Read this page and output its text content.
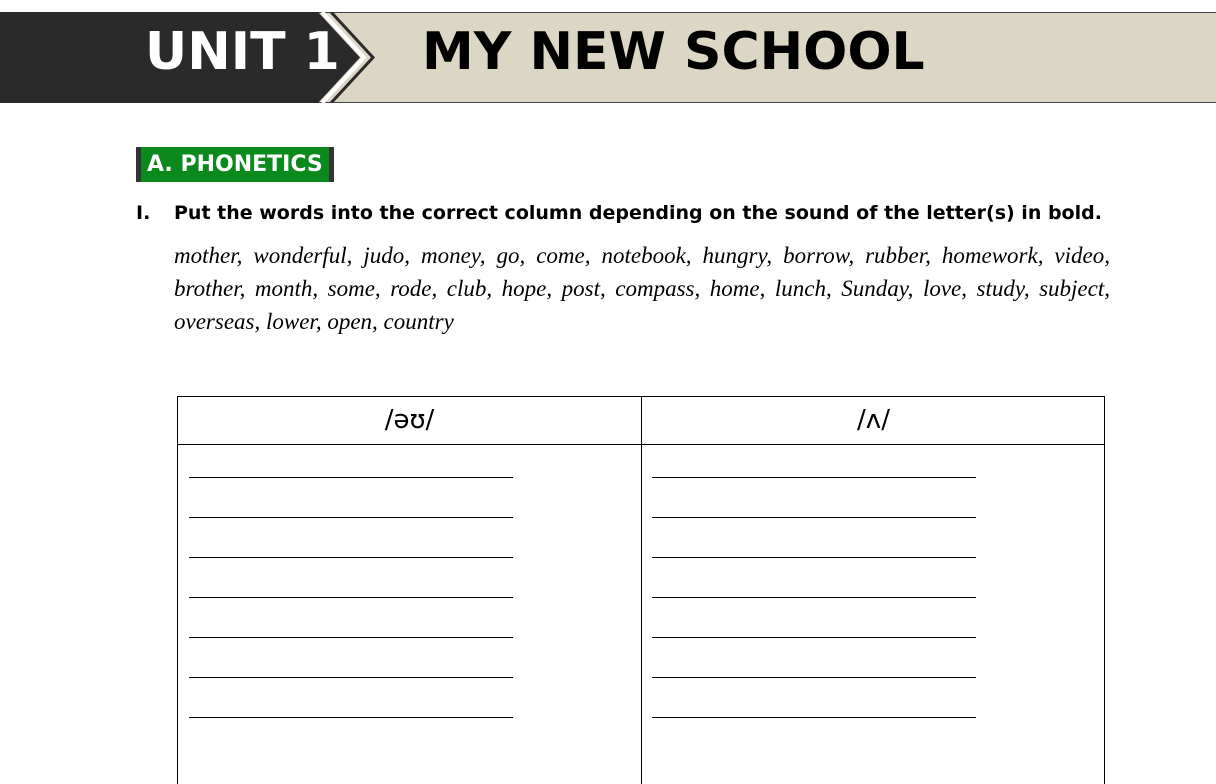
UNIT 1 MY NEW SCHOOL
A. PHONETICS
I. Put the words into the correct column depending on the sound of the letter(s) in bold.
mother, wonderful, judo, money, go, come, notebook, hungry, borrow, rubber, homework, video, brother, month, some, rode, club, hope, post, compass, home, lunch, Sunday, love, study, subject, overseas, lower, open, country
/əʊ/	/ʌ/
